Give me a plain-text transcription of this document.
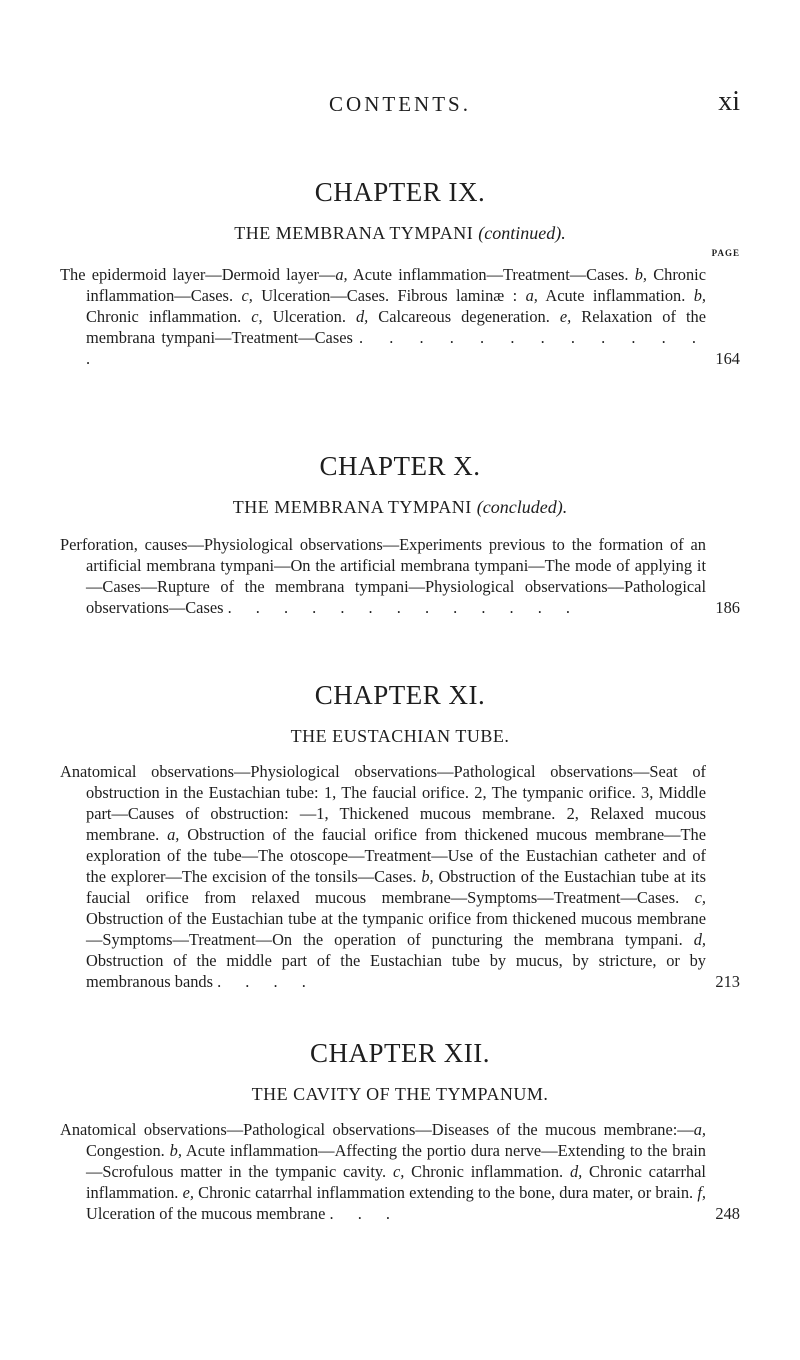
CONTENTS.	xi
CHAPTER IX.
THE MEMBRANA TYMPANI (continued).
PAGE
The epidermoid layer—Dermoid layer—a, Acute inflammation—Treatment—Cases. b, Chronic inflammation—Cases. c, Ulceration—Cases. Fibrous laminæ : a, Acute inflammation. b, Chronic inflammation. c, Ulceration. d, Calcareous degeneration. e, Relaxation of the membrana tympani—Treatment—Cases . . . . . . . . . . . . .	164
CHAPTER X.
THE MEMBRANA TYMPANI (concluded).
Perforation, causes—Physiological observations—Experiments previous to the formation of an artificial membrana tympani—On the artificial membrana tympani—The mode of applying it—Cases—Rupture of the membrana tympani—Physiological observations—Pathological observations—Cases . . . . . . . . . . . . .	186
CHAPTER XI.
THE EUSTACHIAN TUBE.
Anatomical observations—Physiological observations—Pathological observations—Seat of obstruction in the Eustachian tube: 1, The faucial orifice. 2, The tympanic orifice. 3, Middle part—Causes of obstruction: —1, Thickened mucous membrane. 2, Relaxed mucous membrane. a, Obstruction of the faucial orifice from thickened mucous membrane—The exploration of the tube—The otoscope—Treatment—Use of the Eustachian catheter and of the explorer—The excision of the tonsils—Cases. b, Obstruction of the Eustachian tube at its faucial orifice from relaxed mucous membrane—Symptoms—Treatment—Cases. c, Obstruction of the Eustachian tube at the tympanic orifice from thickened mucous membrane—Symptoms—Treatment—On the operation of puncturing the membrana tympani. d, Obstruction of the middle part of the Eustachian tube by mucus, by stricture, or by membranous bands . . . .	213
CHAPTER XII.
THE CAVITY OF THE TYMPANUM.
Anatomical observations—Pathological observations—Diseases of the mucous membrane:—a, Congestion. b, Acute inflammation—Affecting the portio dura nerve—Extending to the brain—Scrofulous matter in the tympanic cavity. c, Chronic inflammation. d, Chronic catarrhal inflammation. e, Chronic catarrhal inflammation extending to the bone, dura mater, or brain. f, Ulceration of the mucous membrane . . .	248
